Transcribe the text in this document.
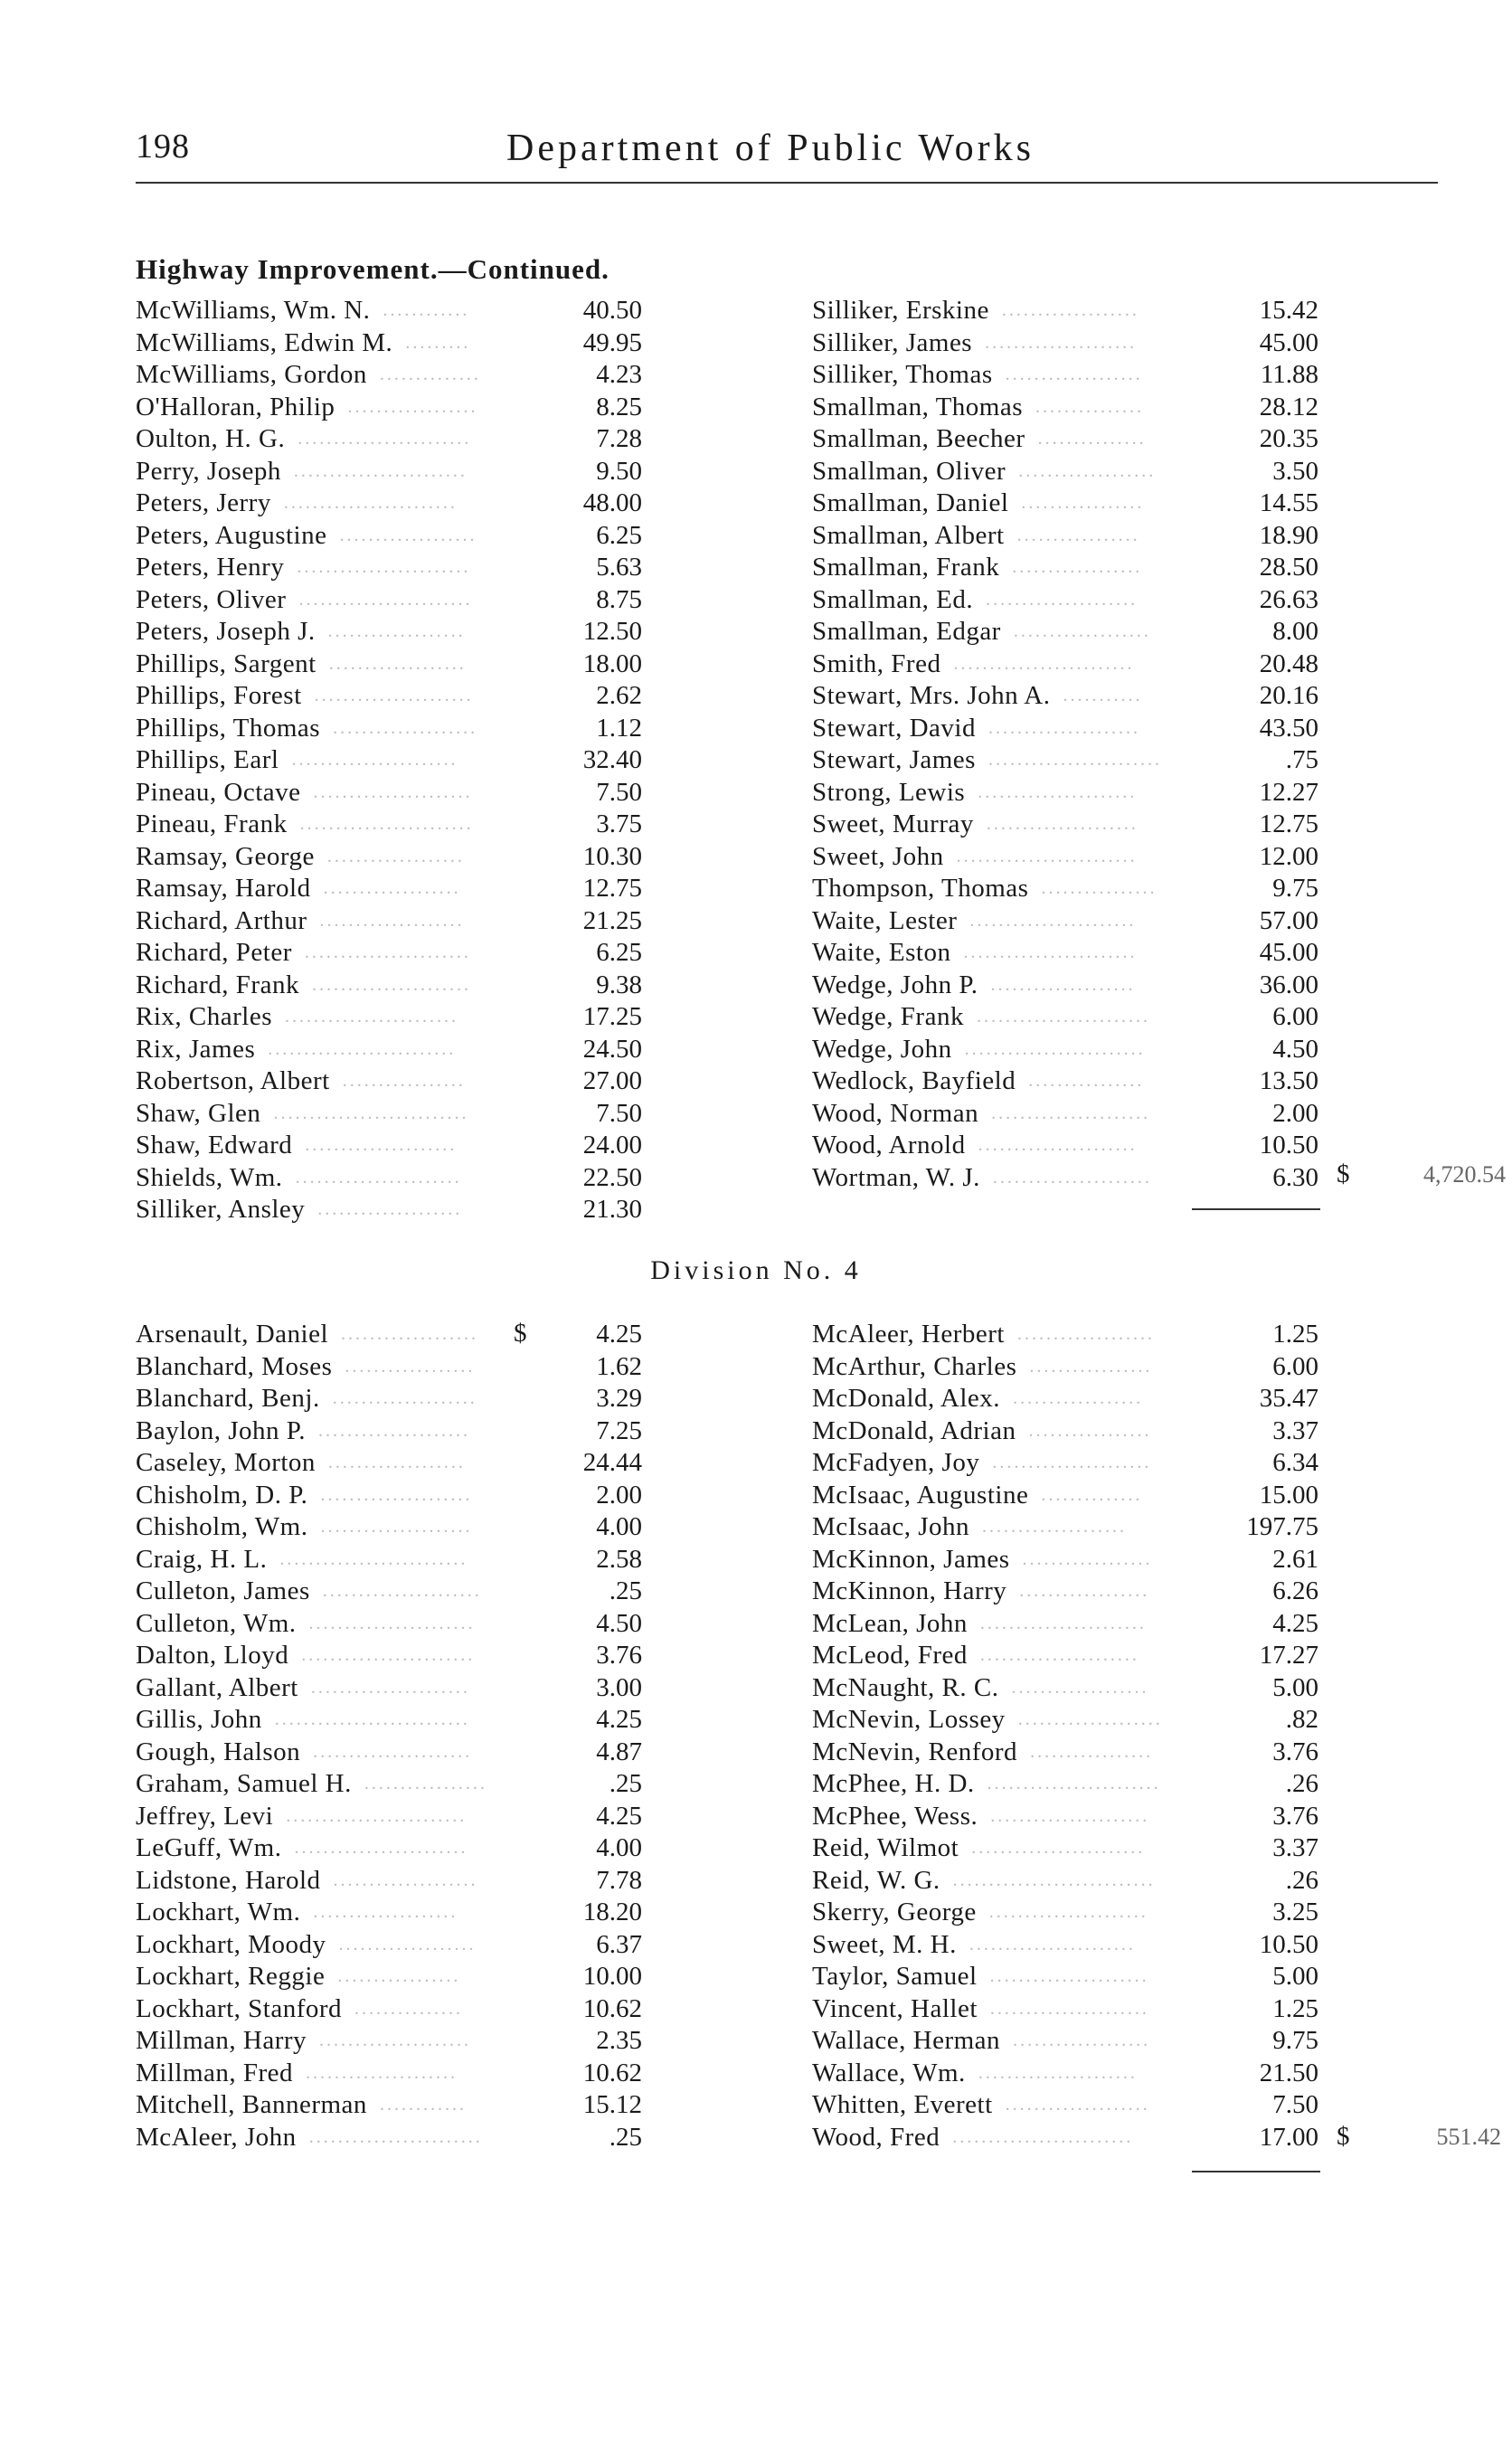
198	Department of Public Works
Highway Improvement.—Continued.
McWilliams, Wm. N. ............	40.50
McWilliams, Edwin M. .........	49.95
McWilliams, Gordon ..............	4.23
O'Halloran, Philip ..................	8.25
Oulton, H. G. ........................	7.28
Perry, Joseph ........................	9.50
Peters, Jerry ........................	48.00
Peters, Augustine ...................	6.25
Peters, Henry ........................	5.63
Peters, Oliver ........................	8.75
Peters, Joseph J. ...................	12.50
Phillips, Sargent ...................	18.00
Phillips, Forest ......................	2.62
Phillips, Thomas ....................	1.12
Phillips, Earl .......................	32.40
Pineau, Octave ......................	7.50
Pineau, Frank ........................	3.75
Ramsay, George ...................	10.30
Ramsay, Harold ...................	12.75
Richard, Arthur ....................	21.25
Richard, Peter .......................	6.25
Richard, Frank ......................	9.38
Rix, Charles ........................	17.25
Rix, James ..........................	24.50
Robertson, Albert .................	27.00
Shaw, Glen ...........................	7.50
Shaw, Edward .....................	24.00
Shields, Wm. .......................	22.50
Silliker, Ansley ....................	21.30
Silliker, Erskine ...................	15.42
Silliker, James .....................	45.00
Silliker, Thomas ...................	11.88
Smallman, Thomas ...............	28.12
Smallman, Beecher ...............	20.35
Smallman, Oliver ...................	3.50
Smallman, Daniel .................	14.55
Smallman, Albert .................	18.90
Smallman, Frank ..................	28.50
Smallman, Ed. .....................	26.63
Smallman, Edgar ...................	8.00
Smith, Fred .........................	20.48
Stewart, Mrs. John A. ...........	20.16
Stewart, David .....................	43.50
Stewart, James ........................	.75
Strong, Lewis ......................	12.27
Sweet, Murray .....................	12.75
Sweet, John .........................	12.00
Thompson, Thomas ................	9.75
Waite, Lester .......................	57.00
Waite, Eston ........................	45.00
Wedge, John P. ....................	36.00
Wedge, Frank ........................	6.00
Wedge, John .........................	4.50
Wedlock, Bayfield ................	13.50
Wood, Norman ......................	2.00
Wood, Arnold ......................	10.50
Wortman, W. J. ......................	6.30 $	4,720.54
Division No. 4
Arsenault, Daniel ...................	4.25
Blanchard, Moses ..................	1.62
Blanchard, Benj. ....................	3.29
Baylon, John P. .....................	7.25
Caseley, Morton ...................	24.44
Chisholm, D. P. .....................	2.00
Chisholm, Wm. .....................	4.00
Craig, H. L. ..........................	2.58
Culleton, James ......................	.25
Culleton, Wm. .......................	4.50
Dalton, Lloyd ........................	3.76
Gallant, Albert ......................	3.00
Gillis, John ...........................	4.25
Gough, Halson ......................	4.87
Graham, Samuel H. .................	.25
Jeffrey, Levi .........................	4.25
LeGuff, Wm. ........................	4.00
Lidstone, Harold ....................	7.78
Lockhart, Wm. ....................	18.20
Lockhart, Moody ...................	6.37
Lockhart, Reggie .................	10.00
Lockhart, Stanford ...............	10.62
Millman, Harry .....................	2.35
Millman, Fred .....................	10.62
Mitchell, Bannerman ............	15.12
McAleer, John ........................	.25
McAleer, Herbert ...................	1.25
McArthur, Charles .................	6.00
McDonald, Alex. ..................	35.47
McDonald, Adrian .................	3.37
McFadyen, Joy ......................	6.34
McIsaac, Augustine ..............	15.00
McIsaac, John ....................	197.75
McKinnon, James ..................	2.61
McKinnon, Harry ..................	6.26
McLean, John .......................	4.25
McLeod, Fred ......................	17.27
McNaught, R. C. ...................	5.00
McNevin, Lossey ....................	.82
McNevin, Renford .................	3.76
McPhee, H. D. ........................	.26
McPhee, Wess. ......................	3.76
Reid, Wilmot ........................	3.37
Reid, W. G. ............................	.26
Skerry, George ......................	3.25
Sweet, M. H. .......................	10.50
Taylor, Samuel ......................	5.00
Vincent, Hallet ......................	1.25
Wallace, Herman ...................	9.75
Wallace, Wm. ......................	21.50
Whitten, Everett ....................	7.50
Wood, Fred .........................	17.00
$
$	551.42
